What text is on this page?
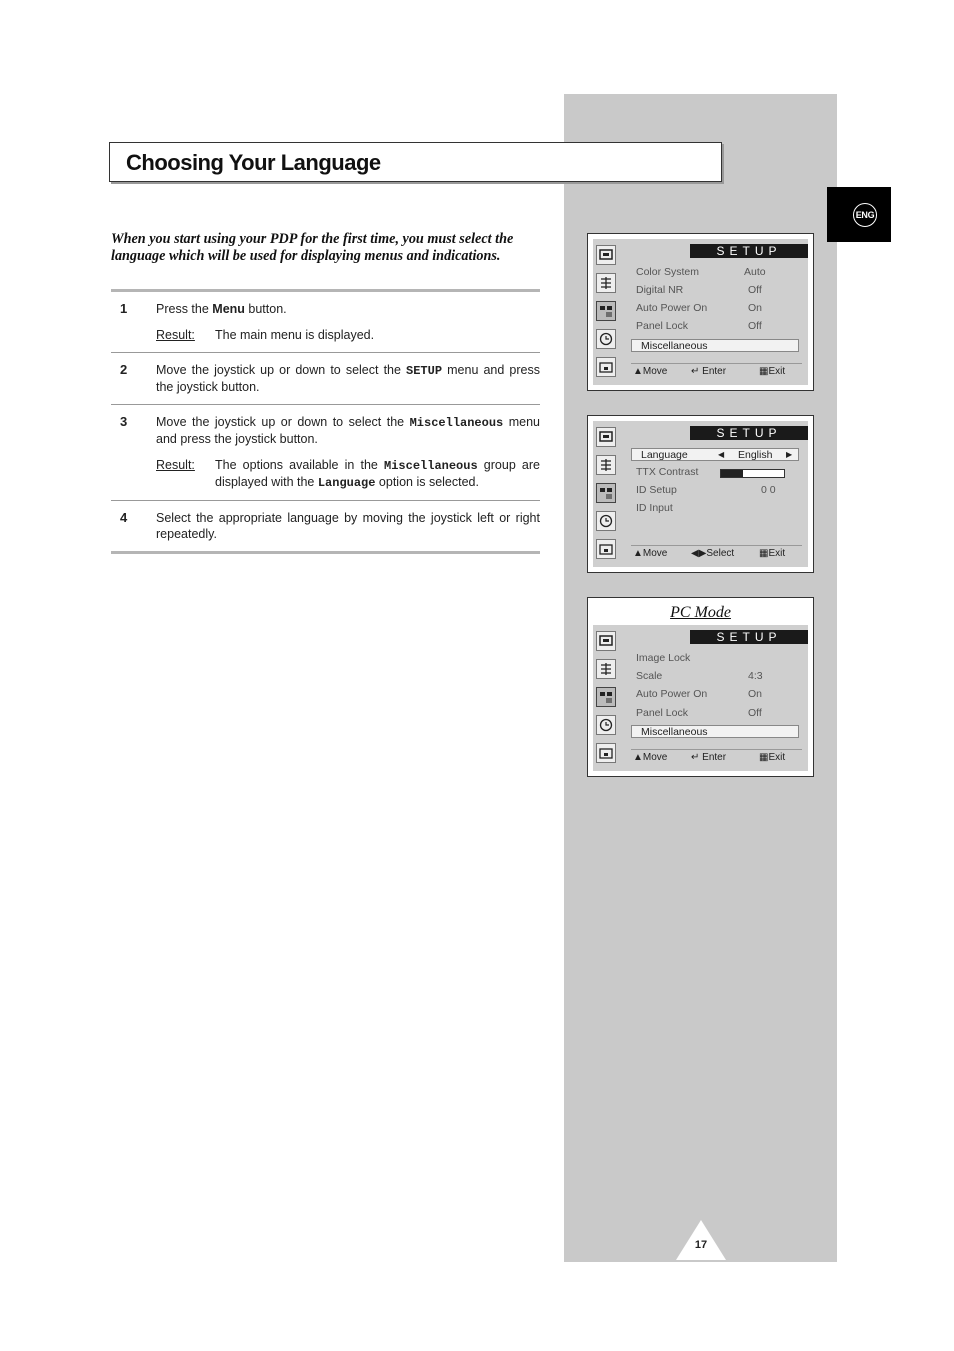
ENG
Choosing Your Language
When you start using your PDP for the first time, you must select the language which will be used for displaying menus and indications.
1 Press the Menu button.

Result:	The main menu is displayed.
2 Move the joystick up or down to select the SETUP menu and press the joystick button.

3 Move the joystick up or down to select the Miscellaneous menu and press the joystick button.

Result:	The options available in the Miscellaneous group are displayed with the Language option is selected.
4 Select the appropriate language by moving the joystick left or right repeatedly.

SETUP
Color System	Auto
Digital NR	Off
Auto Power On	On
Panel Lock	Off
Miscellaneous
▲︎Move ↵ Enter	▦Exit
SETUP
Language	◀ English ▶
TTX Contrast
ID Setup	0 0
ID Input
▲Move ◀▶Select ▦Exit
PC Mode
SETUP
Image Lock
Scale	4:3
Auto Power On	On
Panel Lock	Off
Miscellaneous
▲Move ↵ Enter	▦Exit
17
